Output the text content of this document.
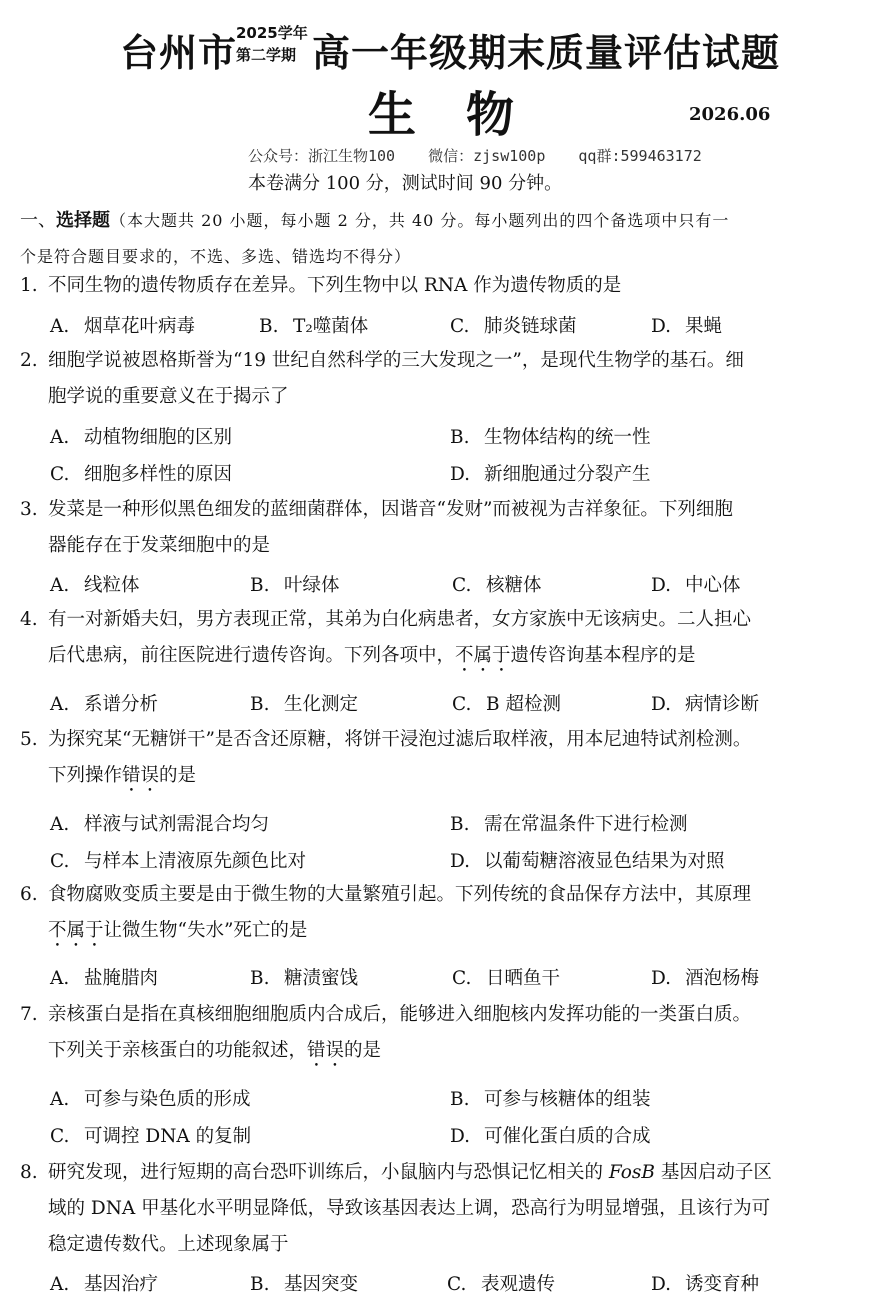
台州市
2025学年
第二学期 高一年级期末质量评估试题
生物	2026.06
公众号：浙江生物100 微信：zjsw100p qq群:599463172
本卷满分 100 分，测试时间 90 分钟。
一、选择题（本大题共 20 小题，每小题 2 分，共 40 分。每小题列出的四个备选项中只有一
个是符合题目要求的，不选、多选、错选均不得分）
1. 不同生物的遗传物质存在差异。下列生物中以 RNA 作为遗传物质的是
A. 烟草花叶病毒	B. T₂噬菌体	C. 肺炎链球菌	D. 果蝇
2. 细胞学说被恩格斯誉为“19 世纪自然科学的三大发现之一”，是现代生物学的基石。细
胞学说的重要意义在于揭示了
A. 动植物细胞的区别	B. 生物体结构的统一性
C. 细胞多样性的原因	D. 新细胞通过分裂产生
3. 发菜是一种形似黑色细发的蓝细菌群体，因谐音“发财”而被视为吉祥象征。下列细胞
器能存在于发菜细胞中的是
A. 线粒体	B. 叶绿体	C. 核糖体	D. 中心体
4. 有一对新婚夫妇，男方表现正常，其弟为白化病患者，女方家族中无该病史。二人担心
后代患病，前往医院进行遗传咨询。下列各项中，不属于遗传咨询基本程序的是
A. 系谱分析	B. 生化测定	C. B 超检测	D. 病情诊断
5. 为探究某“无糖饼干”是否含还原糖，将饼干浸泡过滤后取样液，用本尼迪特试剂检测。
下列操作错误的是
A. 样液与试剂需混合均匀	B. 需在常温条件下进行检测
C. 与样本上清液原先颜色比对	D. 以葡萄糖溶液显色结果为对照
6. 食物腐败变质主要是由于微生物的大量繁殖引起。下列传统的食品保存方法中，其原理
不属于让微生物“失水”死亡的是
A. 盐腌腊肉	B. 糖渍蜜饯	C. 日晒鱼干	D. 酒泡杨梅
7. 亲核蛋白是指在真核细胞细胞质内合成后，能够进入细胞核内发挥功能的一类蛋白质。
下列关于亲核蛋白的功能叙述，错误的是
A. 可参与染色质的形成	B. 可参与核糖体的组装
C. 可调控 DNA 的复制	D. 可催化蛋白质的合成
8. 研究发现，进行短期的高台恐吓训练后，小鼠脑内与恐惧记忆相关的 FosB 基因启动子区
域的 DNA 甲基化水平明显降低，导致该基因表达上调，恐高行为明显增强，且该行为可
稳定遗传数代。上述现象属于
A. 基因治疗	B. 基因突变	C. 表观遗传	D. 诱变育种
